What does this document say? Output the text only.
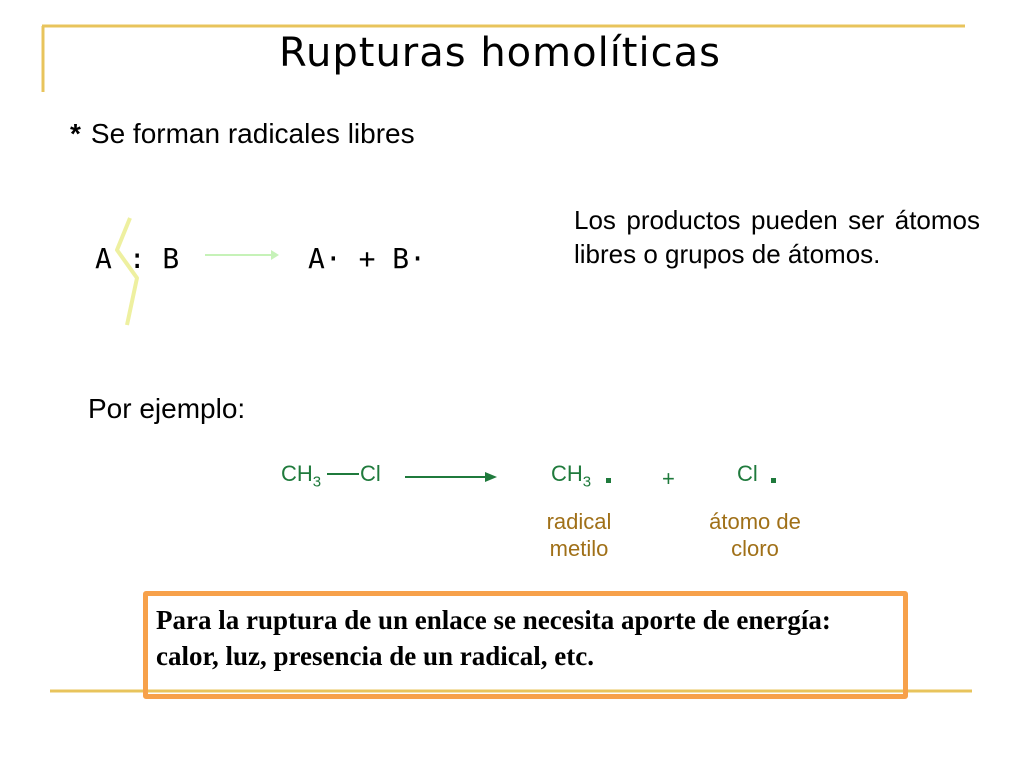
Rupturas homolíticas
* Se forman radicales libres
A : B	A· + B·
Los productos pueden ser átomos libres o grupos de átomos.
Por ejemplo:
$CH_3$ Cl	$CH_3$	+	Cl
radical
metilo
átomo de
cloro
Para la ruptura de un enlace se necesita aporte de energía: calor, luz, presencia de un radical, etc.
